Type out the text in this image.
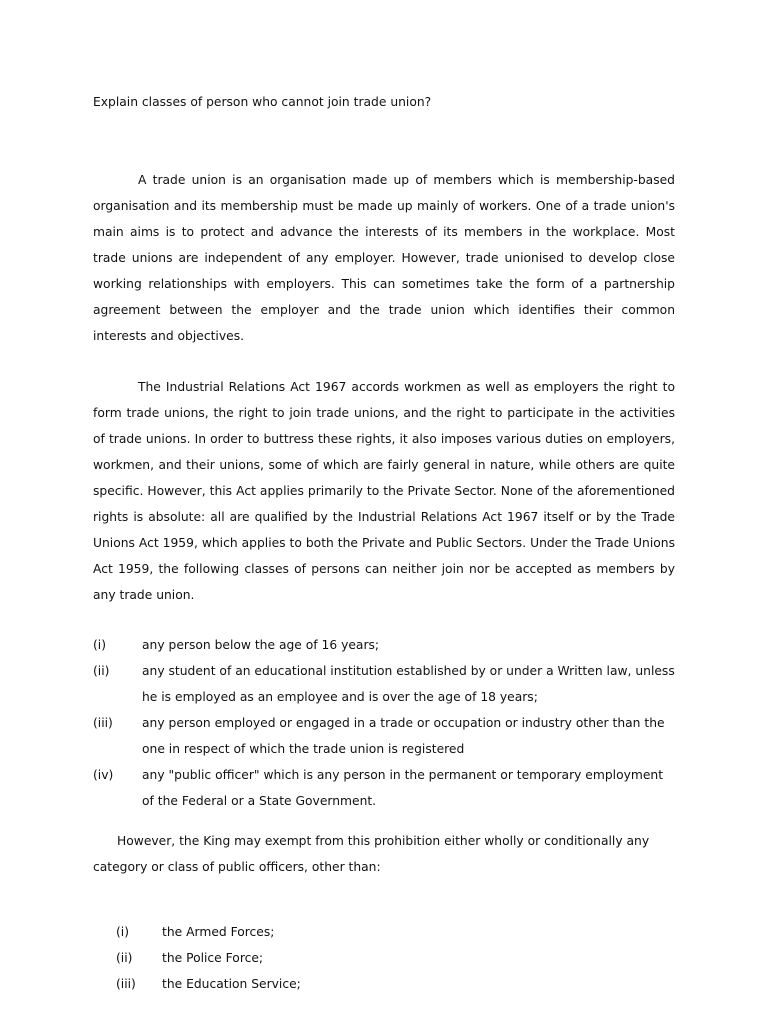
Explain classes of person who cannot join trade union?
A trade union is an organisation made up of members which is membership-based organisation and its membership must be made up mainly of workers. One of a trade union's main aims is to protect and advance the interests of its members in the workplace. Most trade unions are independent of any employer. However, trade unionised to develop close working relationships with employers. This can sometimes take the form of a partnership agreement between the employer and the trade union which identifies their common interests and objectives.
The Industrial Relations Act 1967 accords workmen as well as employers the right to form trade unions, the right to join trade unions, and the right to participate in the activities of trade unions. In order to buttress these rights, it also imposes various duties on employers, workmen, and their unions, some of which are fairly general in nature, while others are quite specific. However, this Act applies primarily to the Private Sector. None of the aforementioned rights is absolute: all are qualified by the Industrial Relations Act 1967 itself or by the Trade Unions Act 1959, which applies to both the Private and Public Sectors. Under the Trade Unions Act 1959, the following classes of persons can neither join nor be accepted as members by any trade union.
(i)	any person below the age of 16 years;
(ii)	any student of an educational institution established by or under a Written law, unless he is employed as an employee and is over the age of 18 years;
(iii)	any person employed or engaged in a trade or occupation or industry other than the one in respect of which the trade union is registered
(iv)	any "public officer" which is any person in the permanent or temporary employment of the Federal or a State Government.
However, the King may exempt from this prohibition either wholly or conditionally any category or class of public officers, other than:
(i)	the Armed Forces;
(ii) the Police Force;
(iii) the Education Service;
